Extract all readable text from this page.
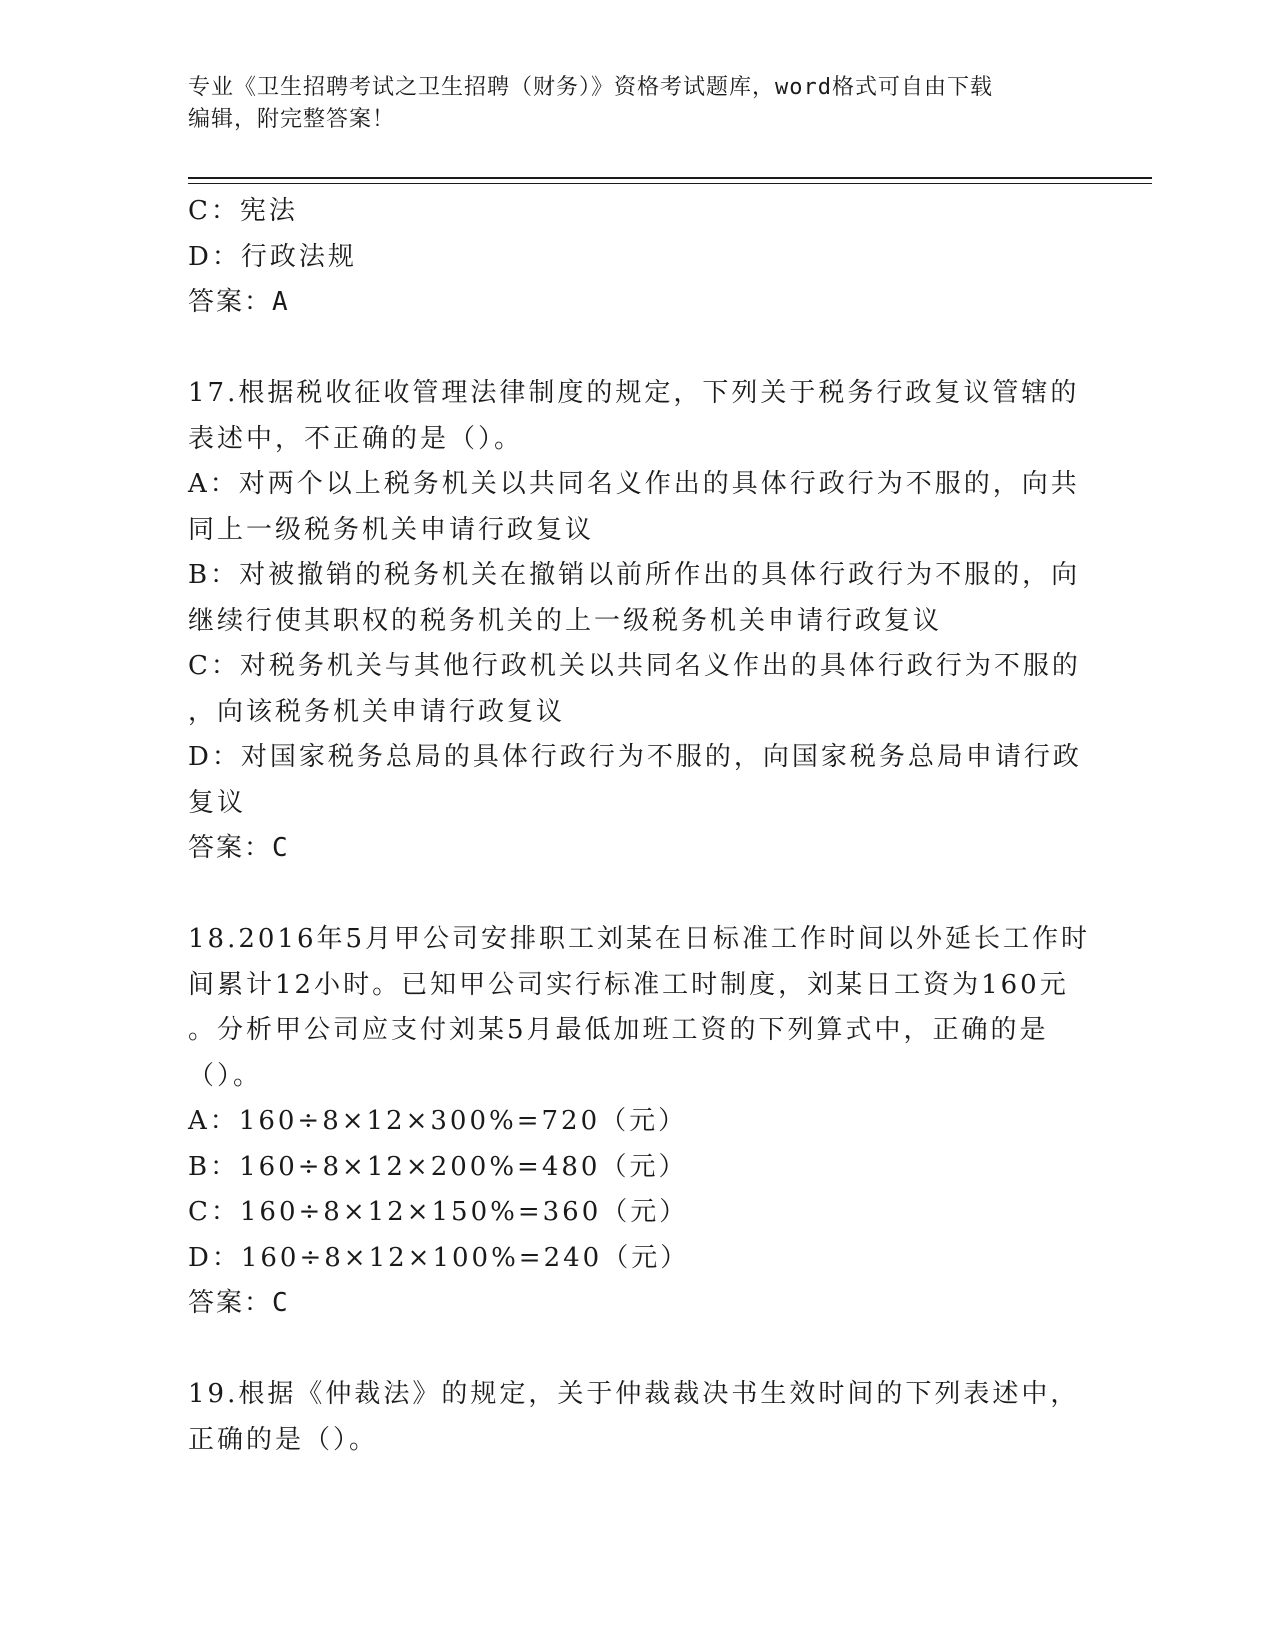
专业《卫生招聘考试之卫生招聘（财务）》资格考试题库，word格式可自由下载
编辑，附完整答案！
C：宪法
D：行政法规
答案：A
17.根据税收征收管理法律制度的规定，下列关于税务行政复议管辖的
表述中，不正确的是（）。
A：对两个以上税务机关以共同名义作出的具体行政行为不服的，向共
同上一级税务机关申请行政复议
B：对被撤销的税务机关在撤销以前所作出的具体行政行为不服的，向
继续行使其职权的税务机关的上一级税务机关申请行政复议
C：对税务机关与其他行政机关以共同名义作出的具体行政行为不服的
，向该税务机关申请行政复议
D：对国家税务总局的具体行政行为不服的，向国家税务总局申请行政
复议
答案：C
18.2016年5月甲公司安排职工刘某在日标准工作时间以外延长工作时
间累计12小时。已知甲公司实行标准工时制度，刘某日工资为160元
。分析甲公司应支付刘某5月最低加班工资的下列算式中，正确的是
（）。
A：160÷8×12×300%=720（元）
B：160÷8×12×200%=480（元）
C：160÷8×12×150%=360（元）
D：160÷8×12×100%=240（元）
答案：C
19.根据《仲裁法》的规定，关于仲裁裁决书生效时间的下列表述中，
正确的是（）。
